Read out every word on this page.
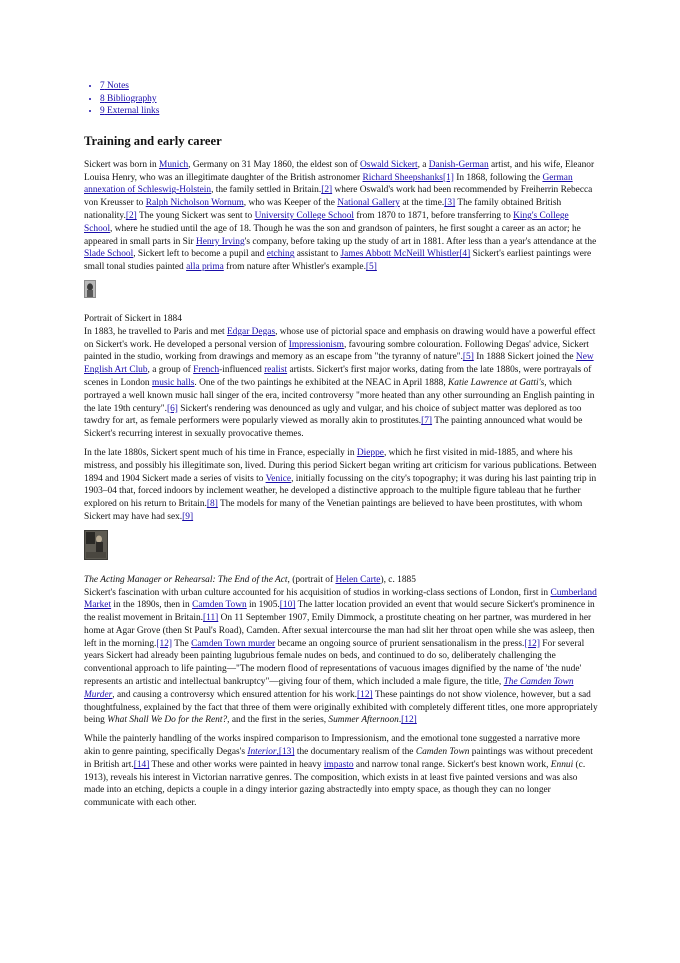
• 7 Notes
• 8 Bibliography
• 9 External links
Training and early career

Sickert was born in Munich, Germany on 31 May 1860, the eldest son of Oswald Sickert, a Danish-German artist, and his wife, Eleanor Louisa Henry, who was an illegitimate daughter of the British astronomer Richard Sheepshanks[1] In 1868, following the German annexation of Schleswig-Holstein, the family settled in Britain.[2] where Oswald's work had been recommended by Freiherrin Rebecca von Kreusser to Ralph Nicholson Wornum, who was Keeper of the National Gallery at the time.[3] The family obtained British nationality.[2] The young Sickert was sent to University College School from 1870 to 1871, before transferring to King's College School, where he studied until the age of 18. Though he was the son and grandson of painters, he first sought a career as an actor; he appeared in small parts in Sir Henry Irving's company, before taking up the study of art in 1881. After less than a year's attendance at the Slade School, Sickert left to become a pupil and etching assistant to James Abbott McNeill Whistler[4] Sickert's earliest paintings were small tonal studies painted alla prima from nature after Whistler's example.[5]

Portrait of Sickert in 1884

In 1883, he travelled to Paris and met Edgar Degas, whose use of pictorial space and emphasis on drawing would have a powerful effect on Sickert's work. He developed a personal version of Impressionism, favouring sombre colouration. Following Degas' advice, Sickert painted in the studio, working from drawings and memory as an escape from "the tyranny of nature".[5] In 1888 Sickert joined the New English Art Club, a group of French-influenced realist artists. Sickert's first major works, dating from the late 1880s, were portrayals of scenes in London music halls. One of the two paintings he exhibited at the NEAC in April 1888, Katie Lawrence at Gatti's, which portrayed a well known music hall singer of the era, incited controversy "more heated than any other surrounding an English painting in the late 19th century".[6] Sickert's rendering was denounced as ugly and vulgar, and his choice of subject matter was deplored as too tawdry for art, as female performers were popularly viewed as morally akin to prostitutes.[7] The painting announced what would be Sickert's recurring interest in sexually provocative themes.

In the late 1880s, Sickert spent much of his time in France, especially in Dieppe, which he first visited in mid-1885, and where his mistress, and possibly his illegitimate son, lived. During this period Sickert began writing art criticism for various publications. Between 1894 and 1904 Sickert made a series of visits to Venice, initially focussing on the city's topography; it was during his last painting trip in 1903–04 that, forced indoors by inclement weather, he developed a distinctive approach to the multiple figure tableau that he further explored on his return to Britain.[8] The models for many of the Venetian paintings are believed to have been prostitutes, with whom Sickert may have had sex.[9]

The Acting Manager or Rehearsal: The End of the Act, (portrait of Helen Carte), c. 1885

Sickert's fascination with urban culture accounted for his acquisition of studios in working-class sections of London, first in Cumberland Market in the 1890s, then in Camden Town in 1905.[10] The latter location provided an event that would secure Sickert's prominence in the realist movement in Britain.[11] On 11 September 1907, Emily Dimmock, a prostitute cheating on her partner, was murdered in her home at Agar Grove (then St Paul's Road), Camden. After sexual intercourse the man had slit her throat open while she was asleep, then left in the morning.[12] The Camden Town murder became an ongoing source of prurient sensationalism in the press.[12] For several years Sickert had already been painting lugubrious female nudes on beds, and continued to do so, deliberately challenging the conventional approach to life painting—"The modern flood of representations of vacuous images dignified by the name of 'the nude' represents an artistic and intellectual bankruptcy"—giving four of them, which included a male figure, the title, The Camden Town Murder, and causing a controversy which ensured attention for his work.[12] These paintings do not show violence, however, but a sad thoughtfulness, explained by the fact that three of them were originally exhibited with completely different titles, one more appropriately being What Shall We Do for the Rent?, and the first in the series, Summer Afternoon.[12]

While the painterly handling of the works inspired comparison to Impressionism, and the emotional tone suggested a narrative more akin to genre painting, specifically Degas's Interior,[13] the documentary realism of the Camden Town paintings was without precedent in British art.[14] These and other works were painted in heavy impasto and narrow tonal range. Sickert's best known work, Ennui (c. 1913), reveals his interest in Victorian narrative genres. The composition, which exists in at least five painted versions and was also made into an etching, depicts a couple in a dingy interior gazing abstractedly into empty space, as though they can no longer communicate with each other.
